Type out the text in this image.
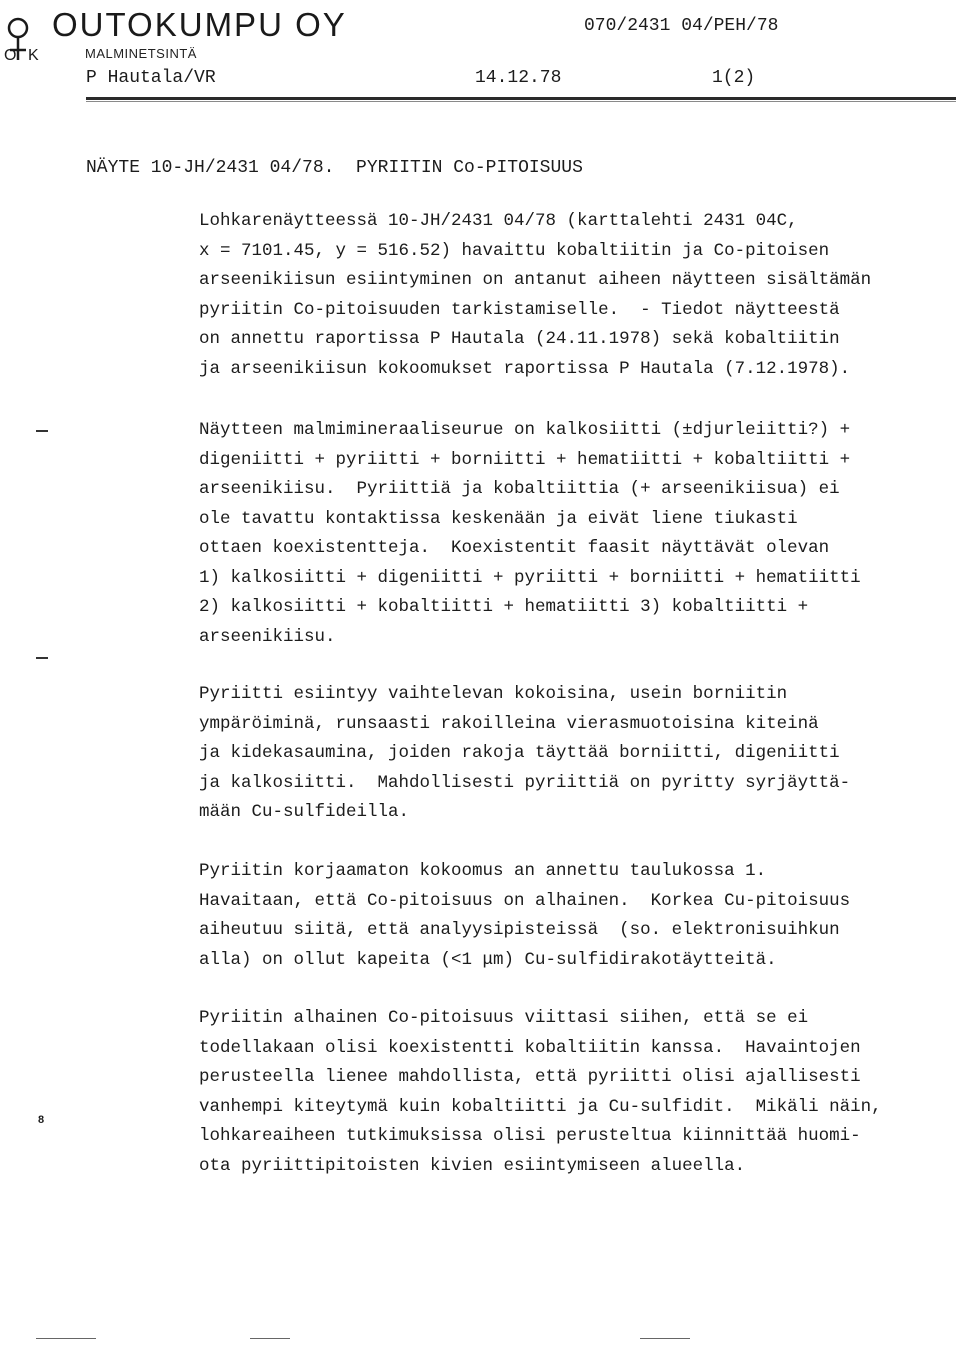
O K
OUTOKUMPU OY
MALMINETSINTÄ
070/2431 04/PEH/78
P Hautala/VR	14.12.78	1(2)
NÄYTE 10-JH/2431 04/78.  PYRIITIN Co-PITOISUUS
Lohkarenäytteessä 10-JH/2431 04/78 (karttalehti 2431 04C,
x = 7101.45, y = 516.52) havaittu kobaltiitin ja Co-pitoisen
arseenikiisun esiintyminen on antanut aiheen näytteen sisältämän
pyriitin Co-pitoisuuden tarkistamiselle.  - Tiedot näytteestä
on annettu raportissa P Hautala (24.11.1978) sekä kobaltiitin
ja arseenikiisun kokoomukset raportissa P Hautala (7.12.1978).
Näytteen malmimineraaliseurue on kalkosiitti (±djurleiitti?) +
digeniitti + pyriitti + borniitti + hematiitti + kobaltiitti +
arseenikiisu.  Pyriittiä ja kobaltiittia (+ arseenikiisua) ei
ole tavattu kontaktissa keskenään ja eivät liene tiukasti
ottaen koexistentteja.  Koexistentit faasit näyttävät olevan
1) kalkosiitti + digeniitti + pyriitti + borniitti + hematiitti
2) kalkosiitti + kobaltiitti + hematiitti 3) kobaltiitti +
arseenikiisu.
Pyriitti esiintyy vaihtelevan kokoisina, usein borniitin
ympäröiminä, runsaasti rakoilleina vierasmuotoisina kiteinä
ja kidekasaumina, joiden rakoja täyttää borniitti, digeniitti
ja kalkosiitti.  Mahdollisesti pyriittiä on pyritty syrjäyttä-
mään Cu-sulfideilla.
Pyriitin korjaamaton kokoomus an annettu taulukossa 1.
Havaitaan, että Co-pitoisuus on alhainen.  Korkea Cu-pitoisuus
aiheutuu siitä, että analyysipisteissä  (so. elektronisuihkun
alla) on ollut kapeita (<1 μm) Cu-sulfidirakotäytteitä.
Pyriitin alhainen Co-pitoisuus viittasi siihen, että se ei
todellakaan olisi koexistentti kobaltiitin kanssa.  Havaintojen
perusteella lienee mahdollista, että pyriitti olisi ajallisesti
vanhempi kiteytymä kuin kobaltiitti ja Cu-sulfidit.  Mikäli näin,
lohkareaiheen tutkimuksissa olisi perusteltua kiinnittää huomi-
ota pyriittipitoisten kivien esiintymiseen alueella.
8
